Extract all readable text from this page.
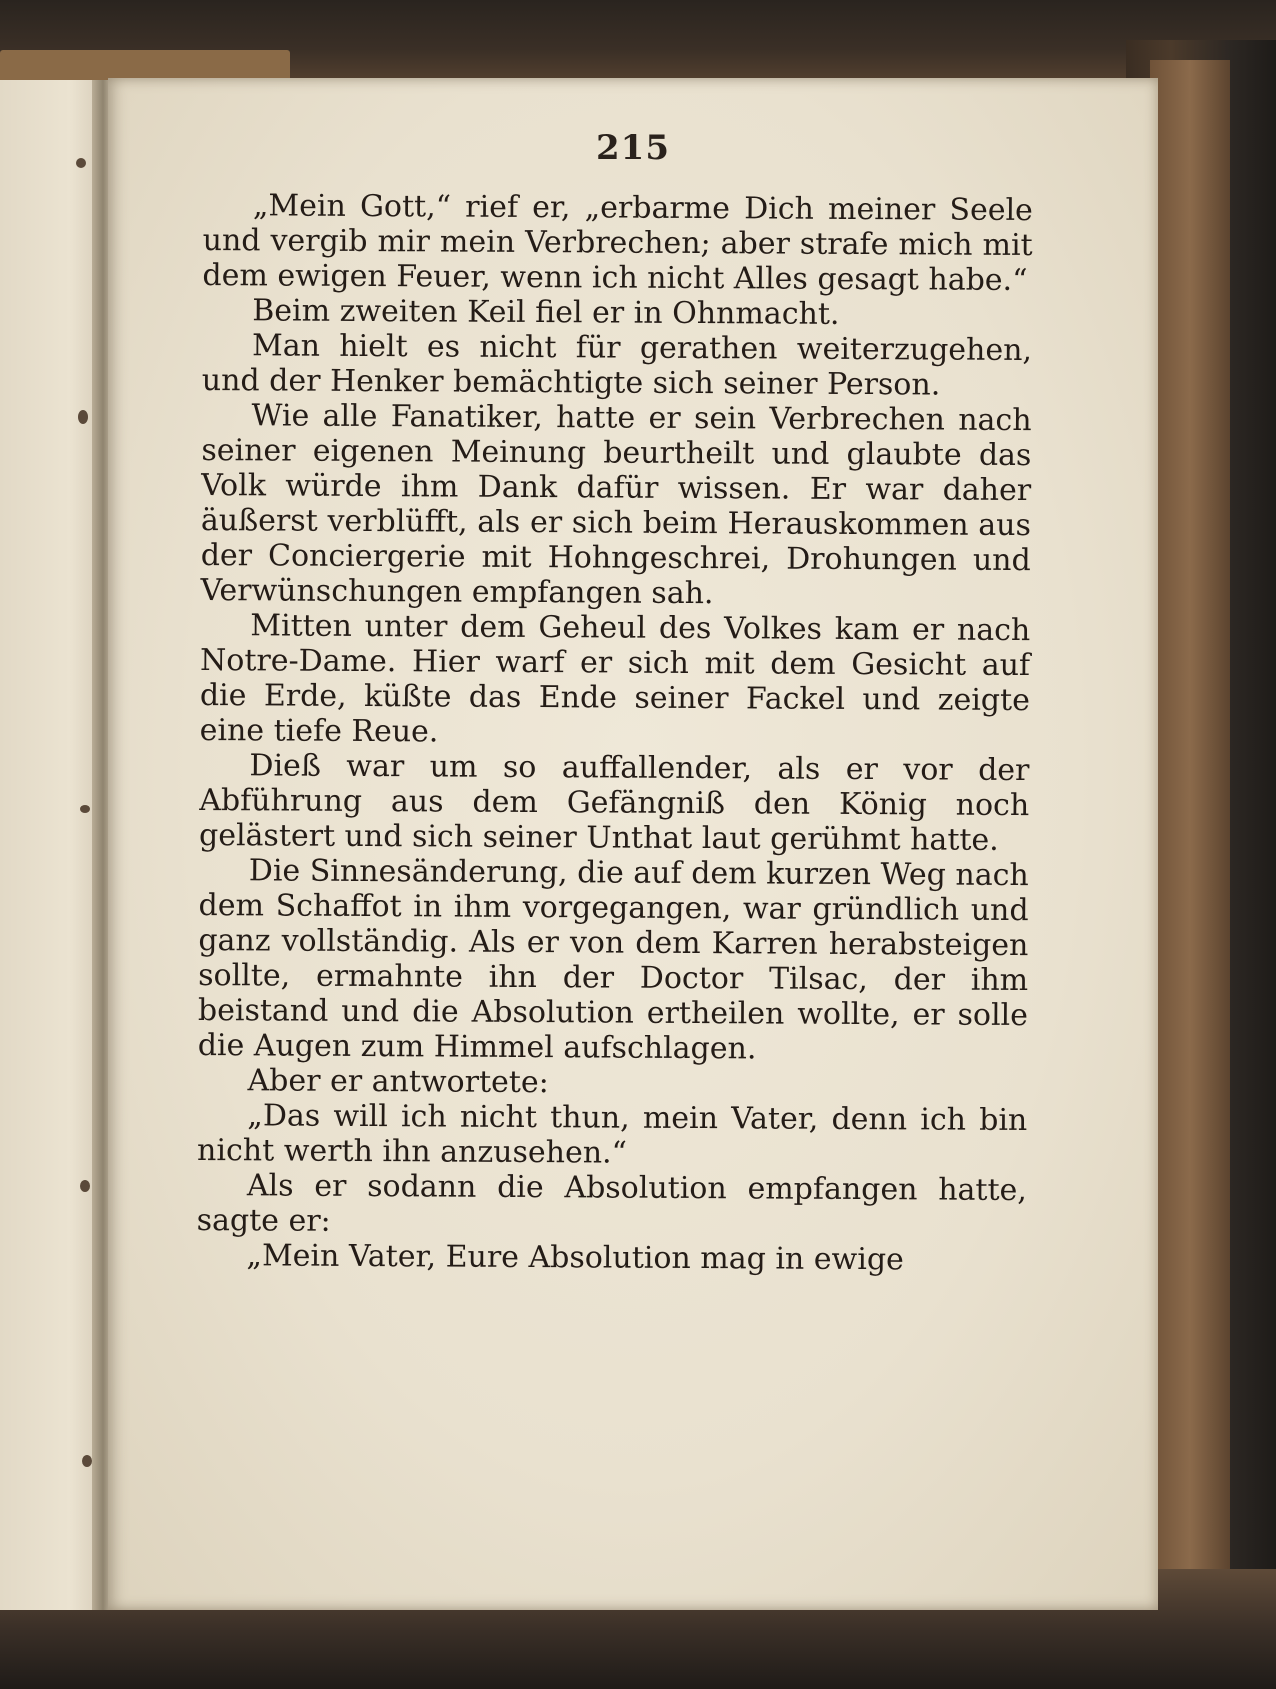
215

„Mein Gott,“ rief er, „erbarme Dich meiner Seele und vergib mir mein Verbrechen; aber strafe mich mit dem ewigen Feuer, wenn ich nicht Alles gesagt habe.“

Beim zweiten Keil fiel er in Ohnmacht.

Man hielt es nicht für gerathen weiterzugehen, und der Henker bemächtigte sich seiner Person.

Wie alle Fanatiker, hatte er sein Verbrechen nach seiner eigenen Meinung beurtheilt und glaubte das Volk würde ihm Dank dafür wissen. Er war daher äußerst verblüfft, als er sich beim Herauskommen aus der Conciergerie mit Hohngeschrei, Drohungen und Verwünschungen empfangen sah.

Mitten unter dem Geheul des Volkes kam er nach Notre-Dame. Hier warf er sich mit dem Gesicht auf die Erde, küßte das Ende seiner Fackel und zeigte eine tiefe Reue.

Dieß war um so auffallender, als er vor der Abführung aus dem Gefängniß den König noch gelästert und sich seiner Unthat laut gerühmt hatte.

Die Sinnesänderung, die auf dem kurzen Weg nach dem Schaffot in ihm vorgegangen, war gründlich und ganz vollständig. Als er von dem Karren herabsteigen sollte, ermahnte ihn der Doctor Tilsac, der ihm beistand und die Absolution ertheilen wollte, er solle die Augen zum Himmel aufschlagen.

Aber er antwortete:

„Das will ich nicht thun, mein Vater, denn ich bin nicht werth ihn anzusehen.“

Als er sodann die Absolution empfangen hatte, sagte er:

„Mein Vater, Eure Absolution mag in ewige
